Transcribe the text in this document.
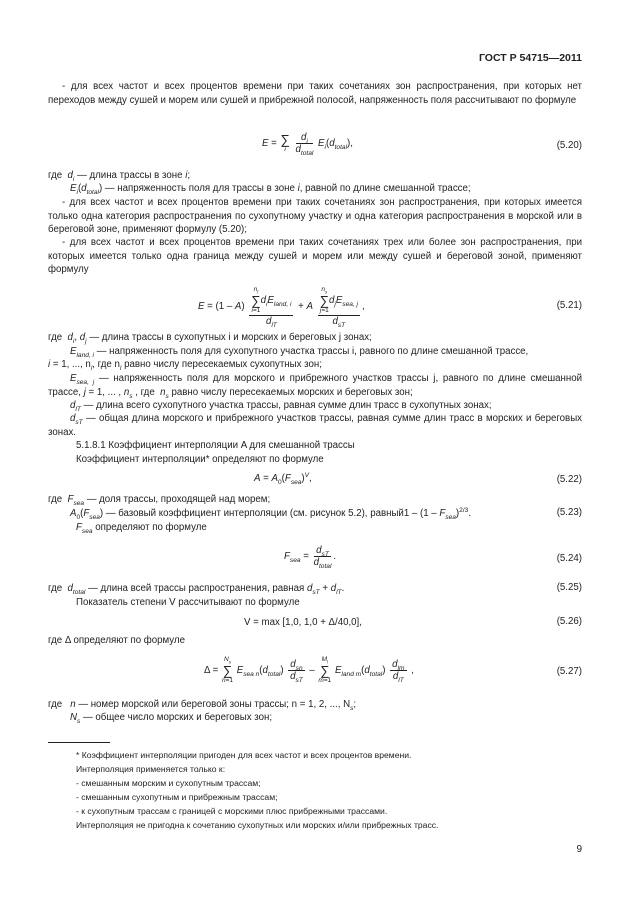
ГОСТ Р 54715—2011
- для всех частот и всех процентов времени при таких сочетаниях зон распространения, при которых нет переходов между сушей и морем или сушей и прибрежной полосой, напряженность поля рассчитывают по формуле
E = ∑
i
$\frac{d_i}{d_{total}} E_i(d_{total})$,	(5.20)
где $d_i$ — длина трассы в зоне i;
$E_i(d_{total})$ — напряженность поля для трассы в зоне i, равной по длине смешанной трассе;
- для всех частот и всех процентов времени при таких сочетаниях зон распространения, при которых имеется только одна категория распространения по сухопутному участку и одна категория распространения в морской или в береговой зоне, применяют формулу (5.20);
- для всех частот и всех процентов времени при таких сочетаниях трех или более зон распространения, при которых имеется только одна граница между сушей и морем или между сушей и береговой зоной, применяют формулу
E = (1 – A) $n_l$
∑
i=1
$d_iE_{land, i}$
$d_{lT} + A$ $n_s$
∑
j=1
$d_jE_{sea, j}$
$d_{sT}$ ,	(5.21)
где  $d_i$, $d_j$ — длина трассы в сухопутных i и морских и береговых j зонах;
$E_{land, i}$ — напряженность поля для сухопутного участка трассы i, равного по длине смешанной трассе,
i = 1, ..., $n_l$, где $n_l$ равно числу пересекаемых сухопутных зон;
$E_{sea, j}$ — напряженность поля для морского и прибрежного участков трассы j, равного по длине смешанной трассе, j = 1, ... , $n_s$ , где  $n_s$ равно числу пересекаемых морских и береговых зон;
$d_{lT}$ — длина всего сухопутного участка трассы, равная сумме длин трасс в сухопутных зонах;
$d_{sT}$ — общая длина морского и прибрежного участков трассы, равная сумме длин трасс в морских и береговых зонах.
5.1.8.1 Коэффициент интерполяции A для смешанной трассы
Коэффициент интерполяции* определяют по формуле
$A = A_0(F_{sea})^V$,	(5.22)
где  $F_{sea}$ — доля трассы, проходящей над морем;
$A_0(F_{sea})$ — базовый коэффициент интерполяции (см. рисунок 5.2), равный1 – $(1 - F_{sea})^{2/3}$.	(5.23)
$F_{sea}$ определяют по формуле
$F_{sea} = \frac{d_{sT}}{d_{total}}$ .	(5.24)
где  $d_{total}$ — длина всей трассы распространения, равная $d_{sT} + d_{lT}$.	(5.25)
Показатель степени V рассчитывают по формуле
V = max [1,0, 1,0 + Δ/40,0],	(5.26)
где Δ определяют по формуле
Δ =
$N_s$
∑
n=1
$E_{sea n}(d_{total}) \frac{d_{sn}}{d_{sT}}$ –
$M_l$
∑
m=1
$E_{land m}(d_{total}) \frac{d_{lm}}{d_{lT}}$ ,	(5.27)
где   n — номер морской или береговой зоны трассы; n = 1, 2, ..., $N_s$;
$N_s$ — общее число морских и береговых зон;
* Коэффициент интерполяции пригоден для всех частот и всех процентов времени.
Интерполяция применяется только к:
- смешанным морским и сухопутным трассам;
- смешанным сухопутным и прибрежным трассам;
- к сухопутным трассам с границей с морскими плюс прибрежными трассами.
Интерполяция не пригодна к сочетанию сухопутных или морских и/или прибрежных трасс.
9
